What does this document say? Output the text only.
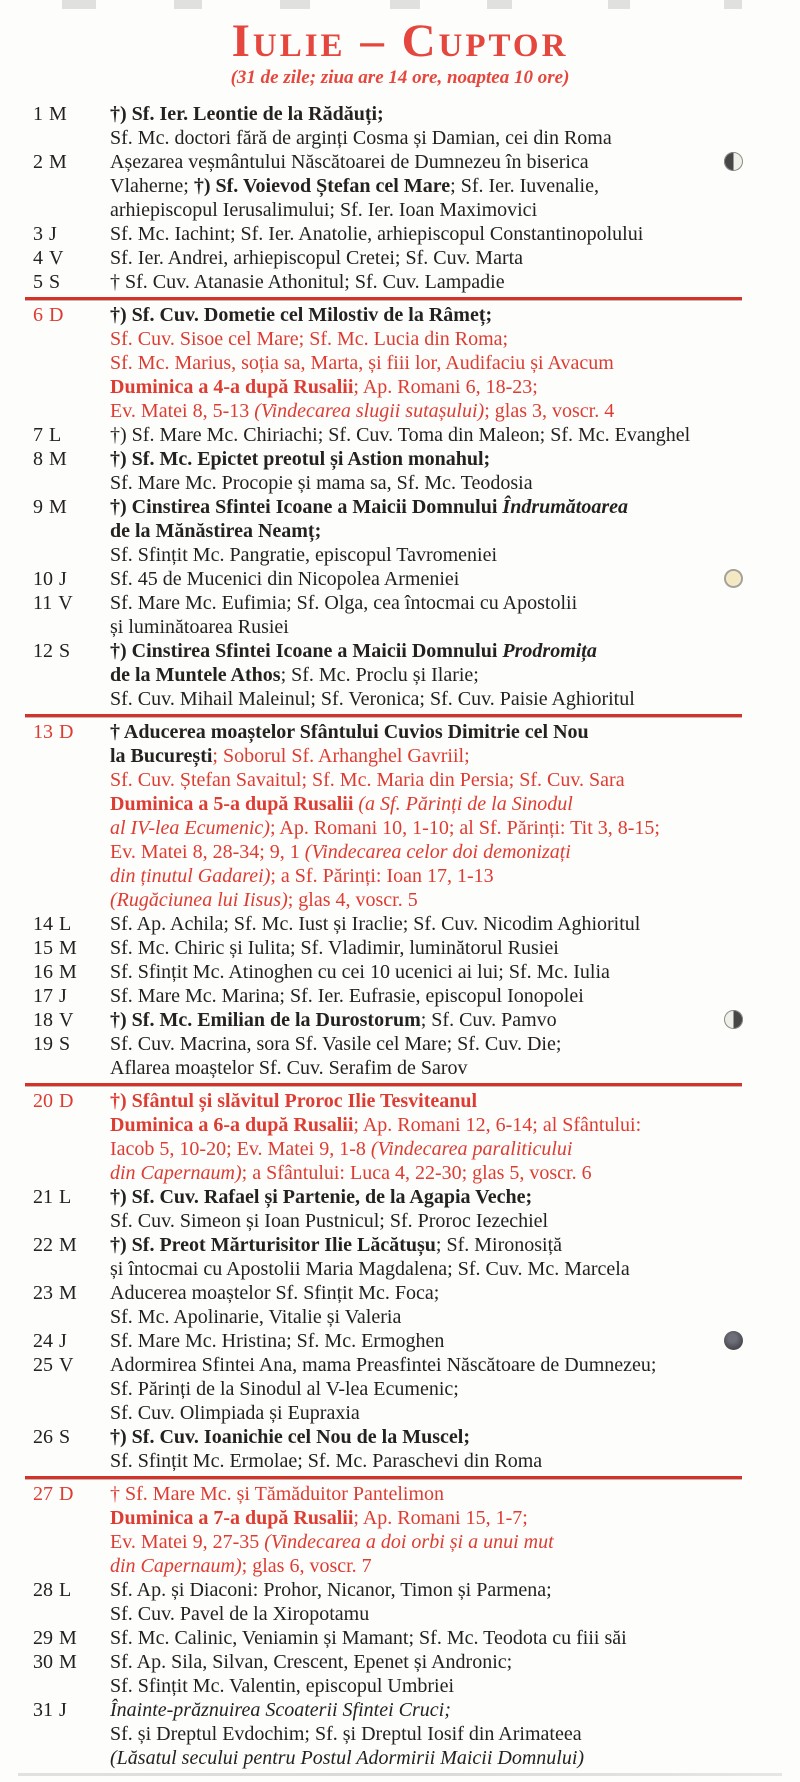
Iulie – Cuptor
(31 de zile; ziua are 14 ore, noaptea 10 ore)
1 M	†) Sf. Ier. Leontie de la Rădăuți;
Sf. Mc. doctori fără de arginți Cosma și Damian, cei din Roma
2 M	Așezarea veșmântului Născătoarei de Dumnezeu în biserica
Vlaherne; †) Sf. Voievod Ștefan cel Mare; Sf. Ier. Iuvenalie,
arhiepiscopul Ierusalimului; Sf. Ier. Ioan Maximovici
3 J	Sf. Mc. Iachint; Sf. Ier. Anatolie, arhiepiscopul Constantinopolului
4 V	Sf. Ier. Andrei, arhiepiscopul Cretei; Sf. Cuv. Marta
5 S	† Sf. Cuv. Atanasie Athonitul; Sf. Cuv. Lampadie
6 D	†) Sf. Cuv. Dometie cel Milostiv de la Râmeț;
Sf. Cuv. Sisoe cel Mare; Sf. Mc. Lucia din Roma;
Sf. Mc. Marius, soția sa, Marta, și fiii lor, Audifaciu și Avacum
Duminica a 4-a după Rusalii; Ap. Romani 6, 18-23;
Ev. Matei 8, 5-13 (Vindecarea slugii sutașului); glas 3, voscr. 4
7 L	†) Sf. Mare Mc. Chiriachi; Sf. Cuv. Toma din Maleon; Sf. Mc. Evanghel
8 M	†) Sf. Mc. Epictet preotul și Astion monahul;
Sf. Mare Mc. Procopie și mama sa, Sf. Mc. Teodosia
9 M	†) Cinstirea Sfintei Icoane a Maicii Domnului Îndrumătoarea
de la Mănăstirea Neamț;
Sf. Sfințit Mc. Pangratie, episcopul Tavromeniei
10 J	Sf. 45 de Mucenici din Nicopolea Armeniei
11 V	Sf. Mare Mc. Eufimia; Sf. Olga, cea întocmai cu Apostolii
și luminătoarea Rusiei
12 S	†) Cinstirea Sfintei Icoane a Maicii Domnului Prodromița
de la Muntele Athos; Sf. Mc. Proclu și Ilarie;
Sf. Cuv. Mihail Maleinul; Sf. Veronica; Sf. Cuv. Paisie Aghioritul
13 D	† Aducerea moaștelor Sfântului Cuvios Dimitrie cel Nou
la București; Soborul Sf. Arhanghel Gavriil;
Sf. Cuv. Ștefan Savaitul; Sf. Mc. Maria din Persia; Sf. Cuv. Sara
Duminica a 5-a după Rusalii (a Sf. Părinți de la Sinodul
al IV-lea Ecumenic); Ap. Romani 10, 1-10; al Sf. Părinți: Tit 3, 8-15;
Ev. Matei 8, 28-34; 9, 1 (Vindecarea celor doi demonizați
din ținutul Gadarei); a Sf. Părinți: Ioan 17, 1-13
(Rugăciunea lui Iisus); glas 4, voscr. 5
14 L	Sf. Ap. Achila; Sf. Mc. Iust și Iraclie; Sf. Cuv. Nicodim Aghioritul
15 M	Sf. Mc. Chiric și Iulita; Sf. Vladimir, luminătorul Rusiei
16 M	Sf. Sfințit Mc. Atinoghen cu cei 10 ucenici ai lui; Sf. Mc. Iulia
17 J	Sf. Mare Mc. Marina; Sf. Ier. Eufrasie, episcopul Ionopolei
18 V	†) Sf. Mc. Emilian de la Durostorum; Sf. Cuv. Pamvo
19 S	Sf. Cuv. Macrina, sora Sf. Vasile cel Mare; Sf. Cuv. Die;
Aflarea moaștelor Sf. Cuv. Serafim de Sarov
20 D	†) Sfântul și slăvitul Proroc Ilie Tesviteanul
Duminica a 6-a după Rusalii; Ap. Romani 12, 6-14; al Sfântului:
Iacob 5, 10-20; Ev. Matei 9, 1-8 (Vindecarea paraliticului
din Capernaum); a Sfântului: Luca 4, 22-30; glas 5, voscr. 6
21 L	†) Sf. Cuv. Rafael și Partenie, de la Agapia Veche;
Sf. Cuv. Simeon și Ioan Pustnicul; Sf. Proroc Iezechiel
22 M	†) Sf. Preot Mărturisitor Ilie Lăcătușu; Sf. Mironosiță
și întocmai cu Apostolii Maria Magdalena; Sf. Cuv. Mc. Marcela
23 M	Aducerea moaștelor Sf. Sfințit Mc. Foca;
Sf. Mc. Apolinarie, Vitalie și Valeria
24 J	Sf. Mare Mc. Hristina; Sf. Mc. Ermoghen
25 V	Adormirea Sfintei Ana, mama Preasfintei Născătoare de Dumnezeu;
Sf. Părinți de la Sinodul al V-lea Ecumenic;
Sf. Cuv. Olimpiada și Eupraxia
26 S	†) Sf. Cuv. Ioanichie cel Nou de la Muscel;
Sf. Sfințit Mc. Ermolae; Sf. Mc. Paraschevi din Roma
27 D	† Sf. Mare Mc. și Tămăduitor Pantelimon
Duminica a 7-a după Rusalii; Ap. Romani 15, 1-7;
Ev. Matei 9, 27-35 (Vindecarea a doi orbi și a unui mut
din Capernaum); glas 6, voscr. 7
28 L	Sf. Ap. și Diaconi: Prohor, Nicanor, Timon și Parmena;
Sf. Cuv. Pavel de la Xiropotamu
29 M	Sf. Mc. Calinic, Veniamin și Mamant; Sf. Mc. Teodota cu fiii săi
30 M	Sf. Ap. Sila, Silvan, Crescent, Epenet și Andronic;
Sf. Sfințit Mc. Valentin, episcopul Umbriei
31 J	Înainte-prăznuirea Scoaterii Sfintei Cruci;
Sf. și Dreptul Evdochim; Sf. și Dreptul Iosif din Arimateea
(Lăsatul secului pentru Postul Adormirii Maicii Domnului)
